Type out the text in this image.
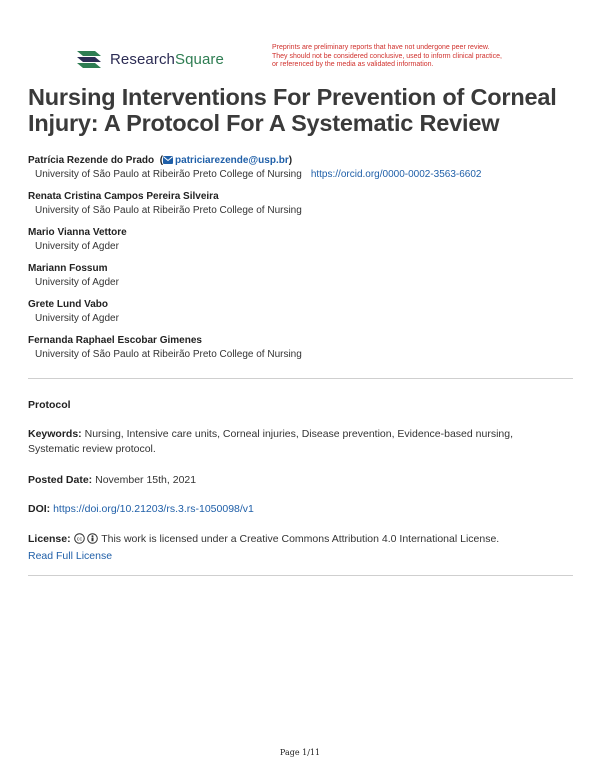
ResearchSquare
Preprints are preliminary reports that have not undergone peer review.
They should not be considered conclusive, used to inform clinical practice,
or referenced by the media as validated information.
Nursing Interventions For Prevention of Corneal
Injury: A Protocol For A Systematic Review
Patrícia Rezende do Prado  ( patriciarezende@usp.br)
University of São Paulo at Ribeirão Preto College of Nursing https://orcid.org/0000-0002-3563-6602
Renata Cristina Campos Pereira Silveira
University of São Paulo at Ribeirão Preto College of Nursing
Mario Vianna Vettore
University of Agder
Mariann Fossum
University of Agder
Grete Lund Vabo
University of Agder
Fernanda Raphael Escobar Gimenes
University of São Paulo at Ribeirão Preto College of Nursing
Protocol
Keywords: Nursing, Intensive care units, Corneal injuries, Disease prevention, Evidence-based nursing,
Systematic review protocol.
Posted Date: November 15th, 2021
DOI: https://doi.org/10.21203/rs.3.rs-1050098/v1
License: cc This work is licensed under a Creative Commons Attribution 4.0 International License.
Read Full License
Page 1/11
